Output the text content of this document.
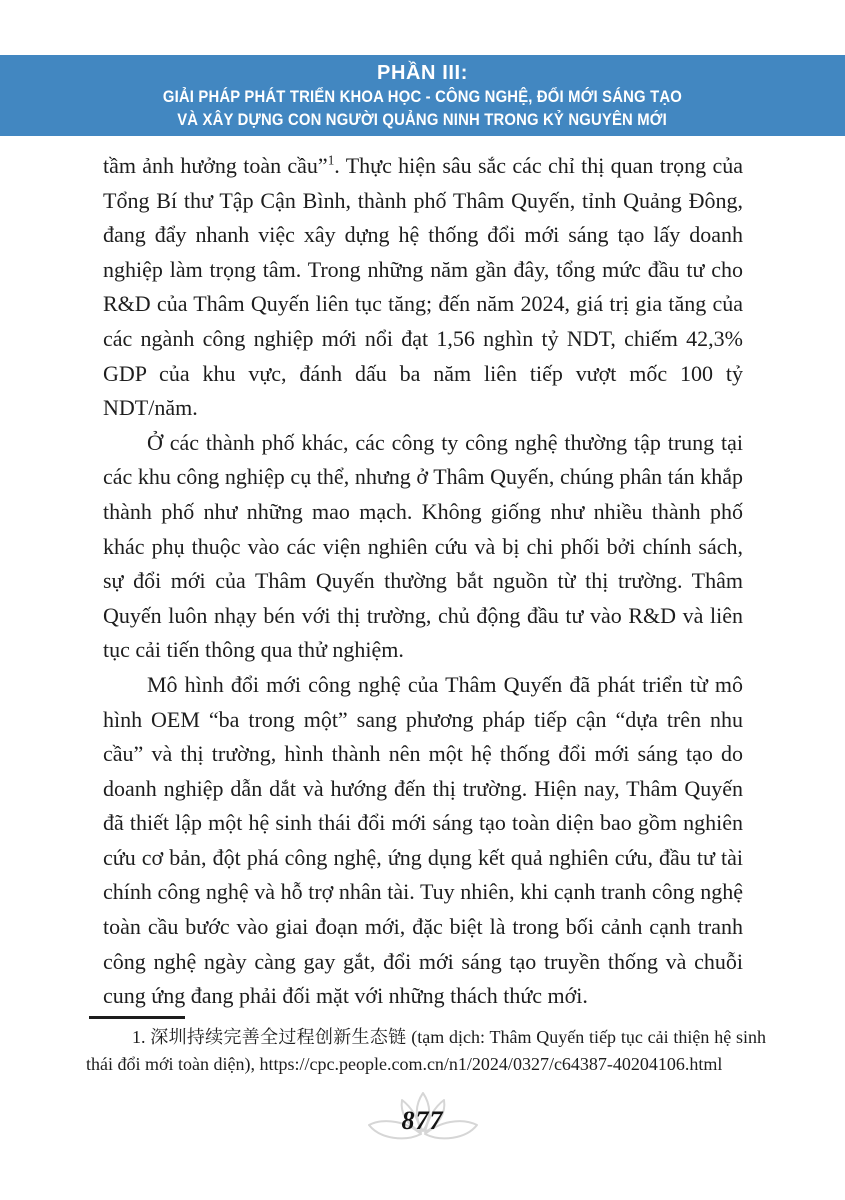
PHẦN III:
GIẢI PHÁP PHÁT TRIỂN KHOA HỌC - CÔNG NGHỆ, ĐỔI MỚI SÁNG TẠO
VÀ XÂY DỰNG CON NGƯỜI QUẢNG NINH TRONG KỶ NGUYÊN MỚI

tầm ảnh hưởng toàn cầu”$^1$. Thực hiện sâu sắc các chỉ thị quan trọng của Tổng Bí thư Tập Cận Bình, thành phố Thâm Quyến, tỉnh Quảng Đông, đang đẩy nhanh việc xây dựng hệ thống đổi mới sáng tạo lấy doanh nghiệp làm trọng tâm. Trong những năm gần đây, tổng mức đầu tư cho R&D của Thâm Quyến liên tục tăng; đến năm 2024, giá trị gia tăng của các ngành công nghiệp mới nổi đạt 1,56 nghìn tỷ NDT, chiếm 42,3% GDP của khu vực, đánh dấu ba năm liên tiếp vượt mốc 100 tỷ NDT/năm.

Ở các thành phố khác, các công ty công nghệ thường tập trung tại các khu công nghiệp cụ thể, nhưng ở Thâm Quyến, chúng phân tán khắp thành phố như những mao mạch. Không giống như nhiều thành phố khác phụ thuộc vào các viện nghiên cứu và bị chi phối bởi chính sách, sự đổi mới của Thâm Quyến thường bắt nguồn từ thị trường. Thâm Quyến luôn nhạy bén với thị trường, chủ động đầu tư vào R&D và liên tục cải tiến thông qua thử nghiệm.

Mô hình đổi mới công nghệ của Thâm Quyến đã phát triển từ mô hình OEM “ba trong một” sang phương pháp tiếp cận “dựa trên nhu cầu” và thị trường, hình thành nên một hệ thống đổi mới sáng tạo do doanh nghiệp dẫn dắt và hướng đến thị trường. Hiện nay, Thâm Quyến đã thiết lập một hệ sinh thái đổi mới sáng tạo toàn diện bao gồm nghiên cứu cơ bản, đột phá công nghệ, ứng dụng kết quả nghiên cứu, đầu tư tài chính công nghệ và hỗ trợ nhân tài. Tuy nhiên, khi cạnh tranh công nghệ toàn cầu bước vào giai đoạn mới, đặc biệt là trong bối cảnh cạnh tranh công nghệ ngày càng gay gắt, đổi mới sáng tạo truyền thống và chuỗi cung ứng đang phải đối mặt với những thách thức mới.

1. 深圳持续完善全过程创新生态链 (tạm dịch: Thâm Quyến tiếp tục cải thiện hệ sinh thái đổi mới toàn diện), https://cpc.people.com.cn/n1/2024/0327/c64387-40204106.html

877
